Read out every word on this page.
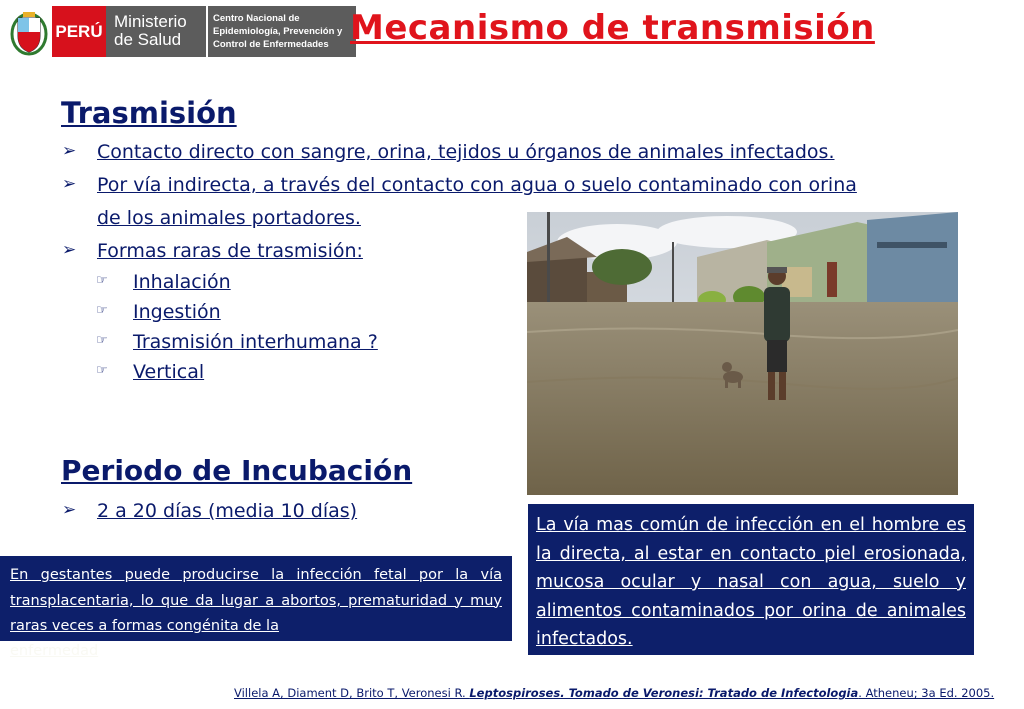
PERÚ Ministerio
de Salud
Centro Nacional de
Epidemiología, Prevención y
Control de Enfermedades Mecanismo de transmisión
Trasmisión
➢ Contacto directo con sangre, orina, tejidos u órganos de animales infectados.
➢ Por vía indirecta, a través del contacto con agua o suelo contaminado con orina
de los animales portadores.
➢ Formas raras de trasmisión:
☞ Inhalación
☞ Ingestión
☞ Trasmisión interhumana ?
☞ Vertical
Periodo de Incubación
➢ 2 a 20 días (media 10 días)

La vía mas común de infección en el hombre es la directa, al estar en contacto piel erosionada, mucosa ocular y nasal con agua, suelo y alimentos contaminados por orina de animales infectados.

En gestantes puede producirse la infección fetal por la vía transplacentaria, lo que da lugar a abortos, prematuridad y muy raras veces a formas congénita de la

enfermedad
Villela A, Diament D, Brito T, Veronesi R. Leptospiroses. Tomado de Veronesi: Tratado de Infectologia. Atheneu; 3a Ed. 2005.
